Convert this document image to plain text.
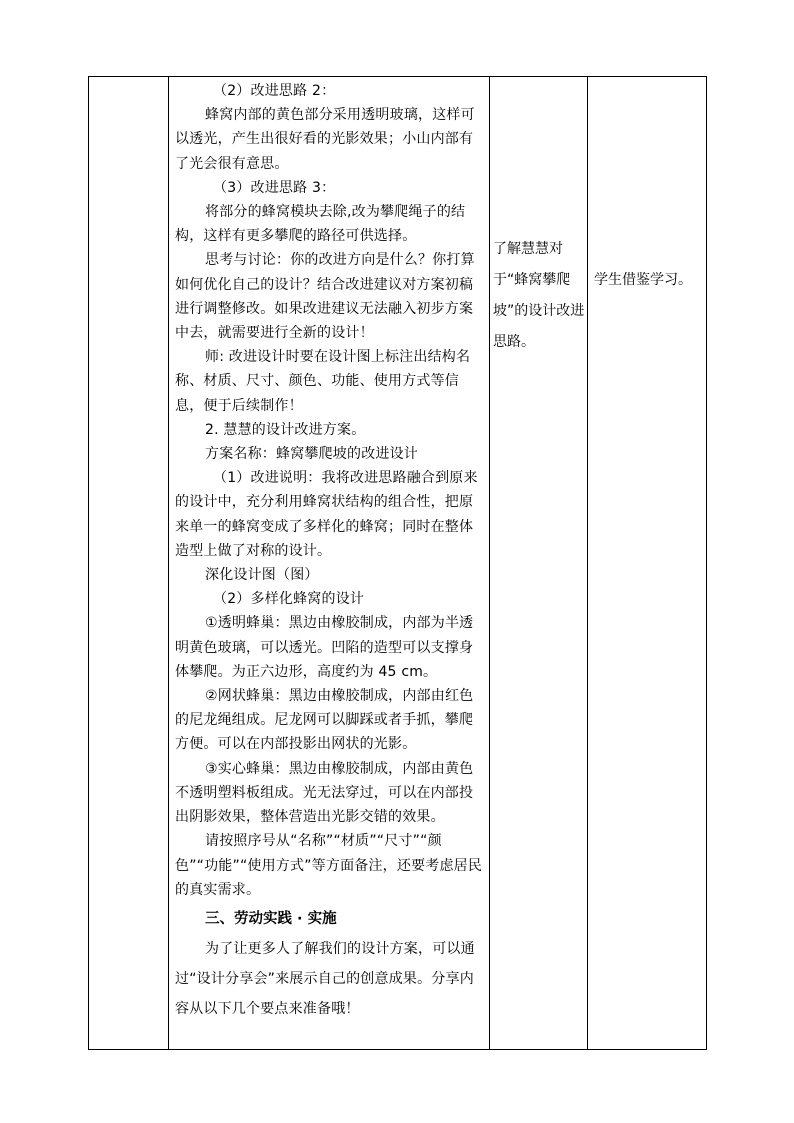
（2）改进思路 2：

蜂窝内部的黄色部分采用透明玻璃，这样可以透光，产生出很好看的光影效果；小山内部有了光会很有意思。

（3）改进思路 3：

将部分的蜂窝模块去除,改为攀爬绳子的结构，这样有更多攀爬的路径可供选择。

思考与讨论：你的改进方向是什么？你打算如何优化自己的设计？结合改进建议对方案初稿进行调整修改。如果改进建议无法融入初步方案中去，就需要进行全新的设计！

师: 改进设计时要在设计图上标注出结构名称、材质、尺寸、颜色、功能、使用方式等信息，便于后续制作！

2. 慧慧的设计改进方案。

方案名称：蜂窝攀爬坡的改进设计

（1）改进说明：我将改进思路融合到原来的设计中，充分利用蜂窝状结构的组合性，把原来单一的蜂窝变成了多样化的蜂窝；同时在整体造型上做了对称的设计。

深化设计图（图）

（2）多样化蜂窝的设计

①透明蜂巢：黑边由橡胶制成，内部为半透明黄色玻璃，可以透光。凹陷的造型可以支撑身体攀爬。为正六边形，高度约为 45 cm。

②网状蜂巢：黑边由橡胶制成，内部由红色的尼龙绳组成。尼龙网可以脚踩或者手抓，攀爬方便。可以在内部投影出网状的光影。

③实心蜂巢：黑边由橡胶制成，内部由黄色不透明塑料板组成。光无法穿过，可以在内部投出阴影效果，整体营造出光影交错的效果。

请按照序号从“名称”“材质”“尺寸”“颜色”“功能”“使用方式”等方面备注，还要考虑居民的真实需求。

三、劳动实践 · 实施

为了让更多人了解我们的设计方案，可以通过“设计分享会”来展示自己的创意成果。分享内容从以下几个要点来准备哦！

了解慧慧对于“蜂窝攀爬坡”的设计改进思路。
学生借鉴学习。
